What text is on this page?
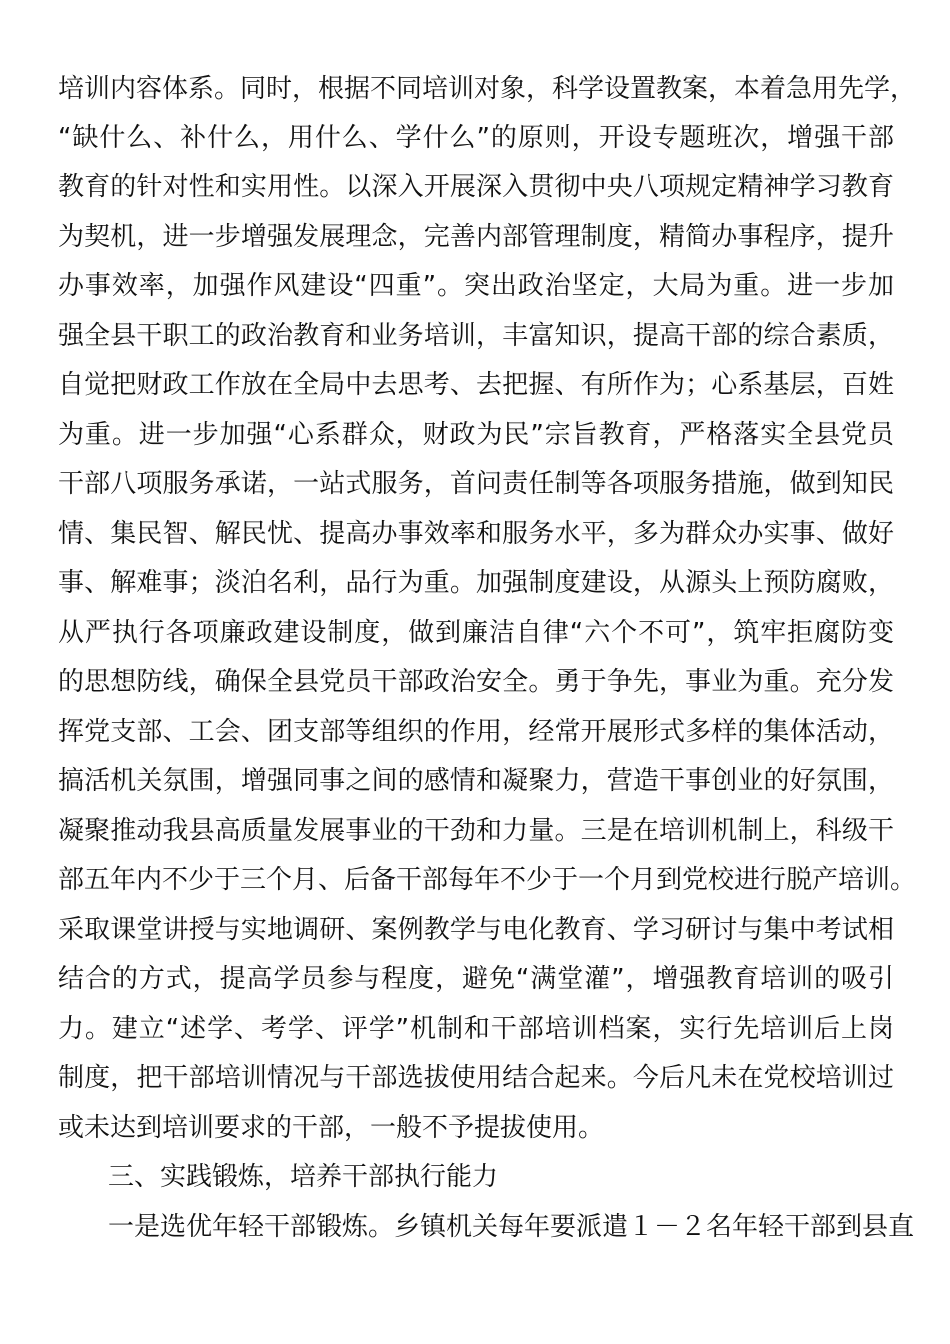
培训内容体系。同时，根据不同培训对象，科学设置教案，本着急用先学，
“缺什么、补什么，用什么、学什么”的原则，开设专题班次，增强干部
教育的针对性和实用性。以深入开展深入贯彻中央八项规定精神学习教育
为契机，进一步增强发展理念，完善内部管理制度，精简办事程序，提升
办事效率，加强作风建设“四重”。突出政治坚定，大局为重。进一步加
强全县干职工的政治教育和业务培训，丰富知识，提高干部的综合素质，
自觉把财政工作放在全局中去思考、去把握、有所作为；心系基层，百姓
为重。进一步加强“心系群众，财政为民”宗旨教育，严格落实全县党员
干部八项服务承诺，一站式服务，首问责任制等各项服务措施，做到知民
情、集民智、解民忧、提高办事效率和服务水平，多为群众办实事、做好
事、解难事；淡泊名利，品行为重。加强制度建设，从源头上预防腐败，
从严执行各项廉政建设制度，做到廉洁自律“六个不可”，筑牢拒腐防变
的思想防线，确保全县党员干部政治安全。勇于争先，事业为重。充分发
挥党支部、工会、团支部等组织的作用，经常开展形式多样的集体活动，
搞活机关氛围，增强同事之间的感情和凝聚力，营造干事创业的好氛围，
凝聚推动我县高质量发展事业的干劲和力量。三是在培训机制上，科级干
部五年内不少于三个月、后备干部每年不少于一个月到党校进行脱产培训。
采取课堂讲授与实地调研、案例教学与电化教育、学习研讨与集中考试相
结合的方式，提高学员参与程度，避免“满堂灌”，增强教育培训的吸引
力。建立“述学、考学、评学”机制和干部培训档案，实行先培训后上岗
制度，把干部培训情况与干部选拔使用结合起来。今后凡未在党校培训过
或未达到培训要求的干部，一般不予提拔使用。
三、实践锻炼，培养干部执行能力
一是选优年轻干部锻炼。乡镇机关每年要派遣１－２名年轻干部到县直
